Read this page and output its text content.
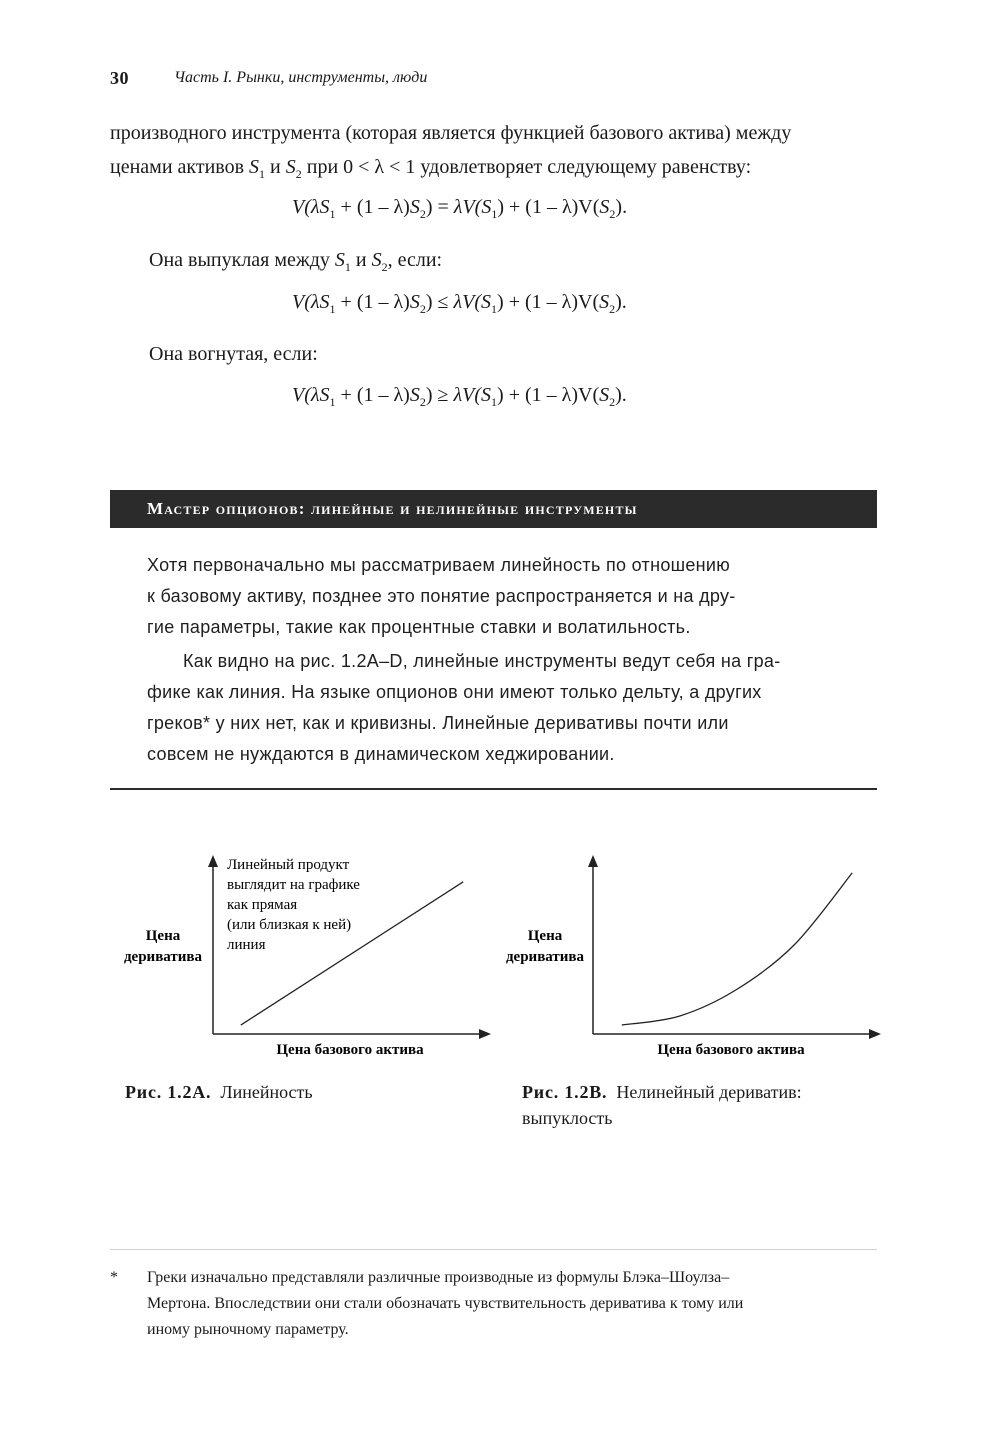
30	Часть I. Рынки, инструменты, люди
производного инструмента (которая является функцией базового актива) между
ценами активов $S_1$ и $S_2$ при 0 < λ < 1 удовлетворяет следующему равенству:
$V(\lambda S_1 + (1 - \lambda)S_2) = \lambda V(S_1) + (1 - \lambda)V(S_2)$.
Она выпуклая между $S_1$ и $S_2$, если:
$V(\lambda S_1 + (1 - \lambda)S_2) \le \lambda V(S_1) + (1 - \lambda)V(S_2)$.
Она вогнутая, если:
$V(\lambda S_1 + (1 - \lambda)S_2) \ge \lambda V(S_1) + (1 - \lambda)V(S_2)$.
Мастер опционов: линейные и нелинейные инструменты
Хотя первоначально мы рассматриваем линейность по отношению
к базовому активу, позднее это понятие распространяется и на дру-
гие параметры, такие как процентные ставки и волатильность.
Как видно на рис. 1.2A–D, линейные инструменты ведут себя на гра-
фике как линия. На языке опционов они имеют только дельту, а других
греков* у них нет, как и кривизны. Линейные деривативы почти или
совсем не нуждаются в динамическом хеджировании.
Цена
дериватива
Цена базового актива
Линейный продукт
выглядит на графике
как прямая
(или близкая к ней)
линия
Цена
дериватива
Цена базового актива
Рис. 1.2A. Линейность	Рис. 1.2B. Нелинейный дериватив:
выпуклость
* Греки изначально представляли различные производные из формулы Блэка–Шоулза–
Мертона. Впоследствии они стали обозначать чувствительность дериватива к тому или
иному рыночному параметру.
